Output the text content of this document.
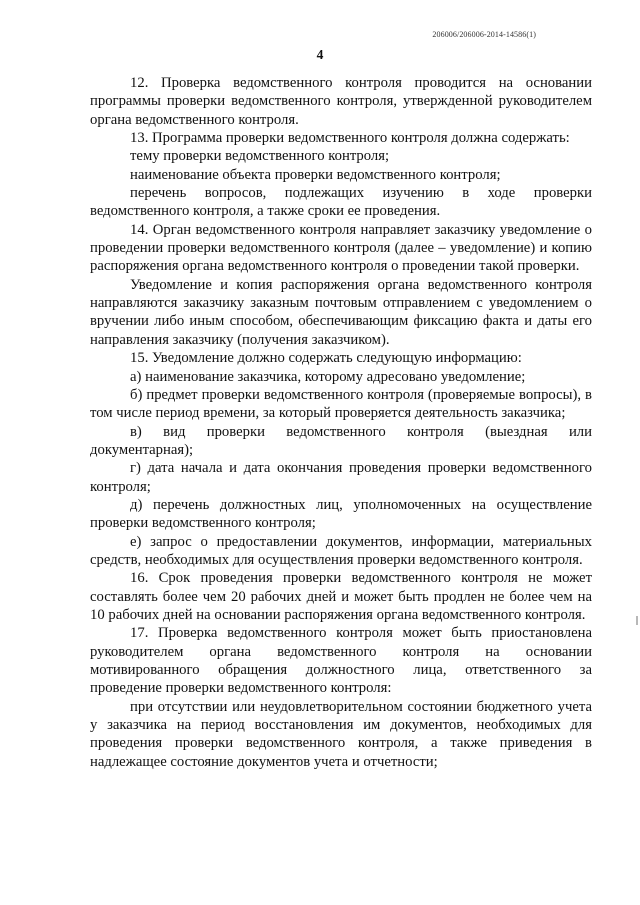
206006/206006-2014-14586(1)
4

12. Проверка ведомственного контроля проводится на основании программы проверки ведомственного контроля, утвержденной руководителем органа ведомственного контроля.

13. Программа проверки ведомственного контроля должна содержать:

тему проверки ведомственного контроля;

наименование объекта проверки ведомственного контроля;

перечень вопросов, подлежащих изучению в ходе проверки ведомственного контроля, а также сроки ее проведения.

14. Орган ведомственного контроля направляет заказчику уведомление о проведении проверки ведомственного контроля (далее – уведомление) и копию распоряжения органа ведомственного контроля о проведении такой проверки.

Уведомление и копия распоряжения органа ведомственного контроля направляются заказчику заказным почтовым отправлением с уведомлением о вручении либо иным способом, обеспечивающим фиксацию факта и даты его направления заказчику (получения заказчиком).

15. Уведомление должно содержать следующую информацию:

а) наименование заказчика, которому адресовано уведомление;

б) предмет проверки ведомственного контроля (проверяемые вопросы), в том числе период времени, за который проверяется деятельность заказчика;

в) вид проверки ведомственного контроля (выездная или документарная);

г) дата начала и дата окончания проведения проверки ведомственного контроля;

д) перечень должностных лиц, уполномоченных на осуществление проверки ведомственного контроля;

е) запрос о предоставлении документов, информации, материальных средств, необходимых для осуществления проверки ведомственного контроля.

16. Срок проведения проверки ведомственного контроля не может составлять более чем 20 рабочих дней и может быть продлен не более чем на 10 рабочих дней на основании распоряжения органа ведомственного контроля.

17. Проверка ведомственного контроля может быть приостановлена руководителем органа ведомственного контроля на основании мотивированного обращения должностного лица, ответственного за проведение проверки ведомственного контроля:

при отсутствии или неудовлетворительном состоянии бюджетного учета у заказчика на период восстановления им документов, необходимых для проведения проверки ведомственного контроля, а также приведения в надлежащее состояние документов учета и отчетности;
